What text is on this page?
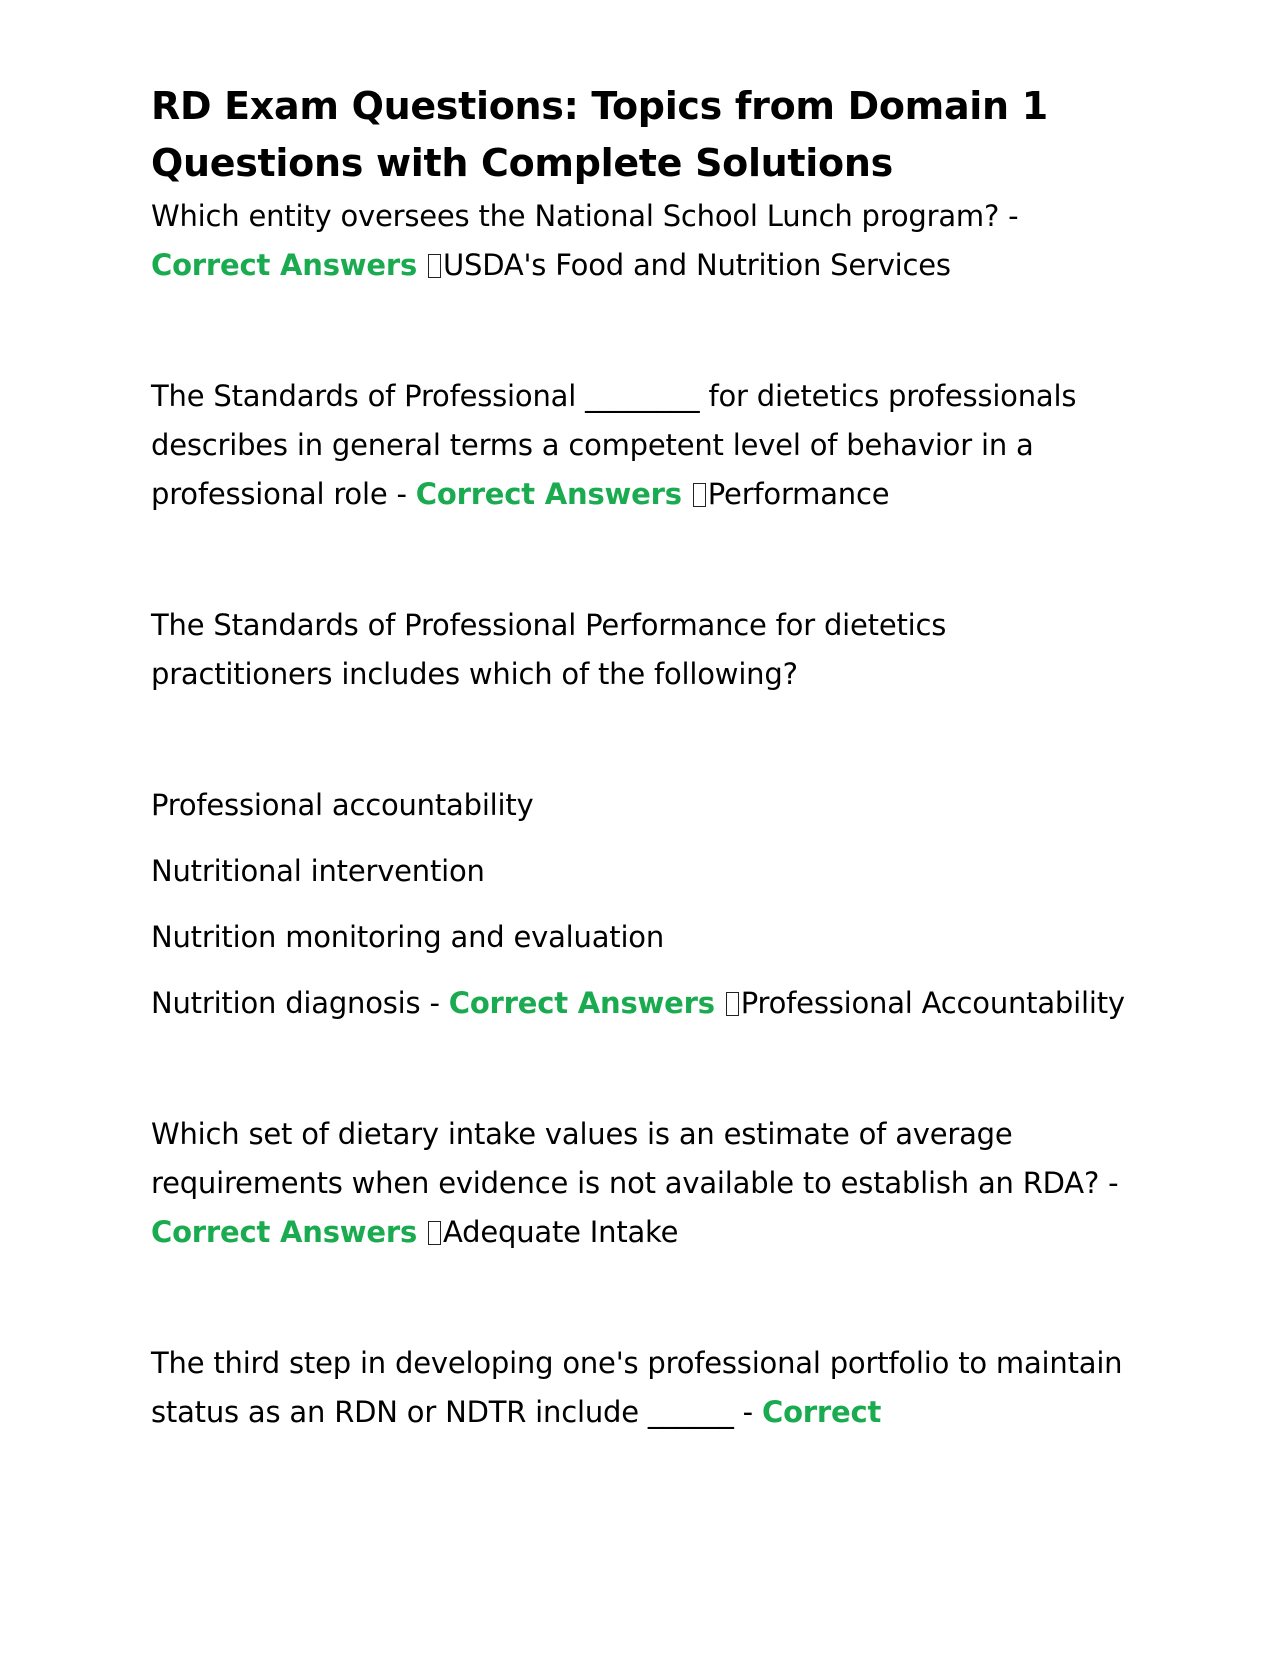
RD Exam Questions: Topics from Domain 1 Questions with Complete Solutions

Which entity oversees the National School Lunch program? - Correct Answers USDA's Food and Nutrition Services

The Standards of Professional ________ for dietetics professionals describes in general terms a competent level of behavior in a professional role - Correct Answers Performance

The Standards of Professional Performance for dietetics practitioners includes which of the following?

Professional accountability

Nutritional intervention

Nutrition monitoring and evaluation

Nutrition diagnosis - Correct Answers Professional Accountability

Which set of dietary intake values is an estimate of average requirements when evidence is not available to establish an RDA? - Correct Answers Adequate Intake

The third step in developing one's professional portfolio to maintain status as an RDN or NDTR include ______ - Correct
